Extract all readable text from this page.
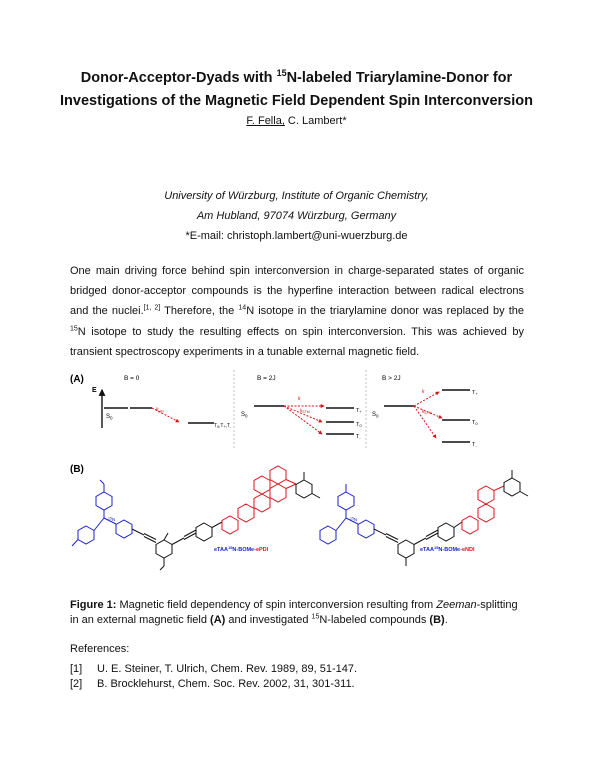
Donor-Acceptor-Dyads with $^{15}$N-labeled Triarylamine-Donor for
Investigations of the Magnetic Field Dependent Spin Interconversion
F. Fella, C. Lambert*
University of Würzburg, Institute of Organic Chemistry,
Am Hubland, 97074 Würzburg, Germany
*E-mail: christoph.lambert@uni-wuerzburg.de
One main driving force behind spin interconversion in charge-separated states of organic bridged donor-acceptor compounds is the hyperfine interaction between radical electrons and the nuclei.[1, 2] Therefore, the $^{14}$N isotope in the triarylamine donor was replaced by the $^{15}$N isotope to study the resulting effects on spin interconversion. This was achieved by transient spectroscopy experiments in a tunable external magnetic field.
(A)
E
B = 0
$S_0$
$k_{HFI}$
$T_0,T_+,T_-$
B = 2J
$S_0$
k
$k_{STM}$	T+
T0
T-
B > 2J
$S_0$
k
$k_{STM}$
T+
T0
T-
(B)
eTAA$^{15}$N-BOMe-ePDI
$^{15}$N
eTAA$^{15}$N-BOMe-eNDI
$^{15}$N
Figure 1: Magnetic field dependency of spin interconversion resulting from Zeeman-splitting in an external magnetic field (A) and investigated $^{15}$N-labeled compounds (B).
References:
[1]	U. E. Steiner, T. Ulrich, Chem. Rev. 1989, 89, 51-147.
[2]	B. Brocklehurst, Chem. Soc. Rev. 2002, 31, 301-311.
